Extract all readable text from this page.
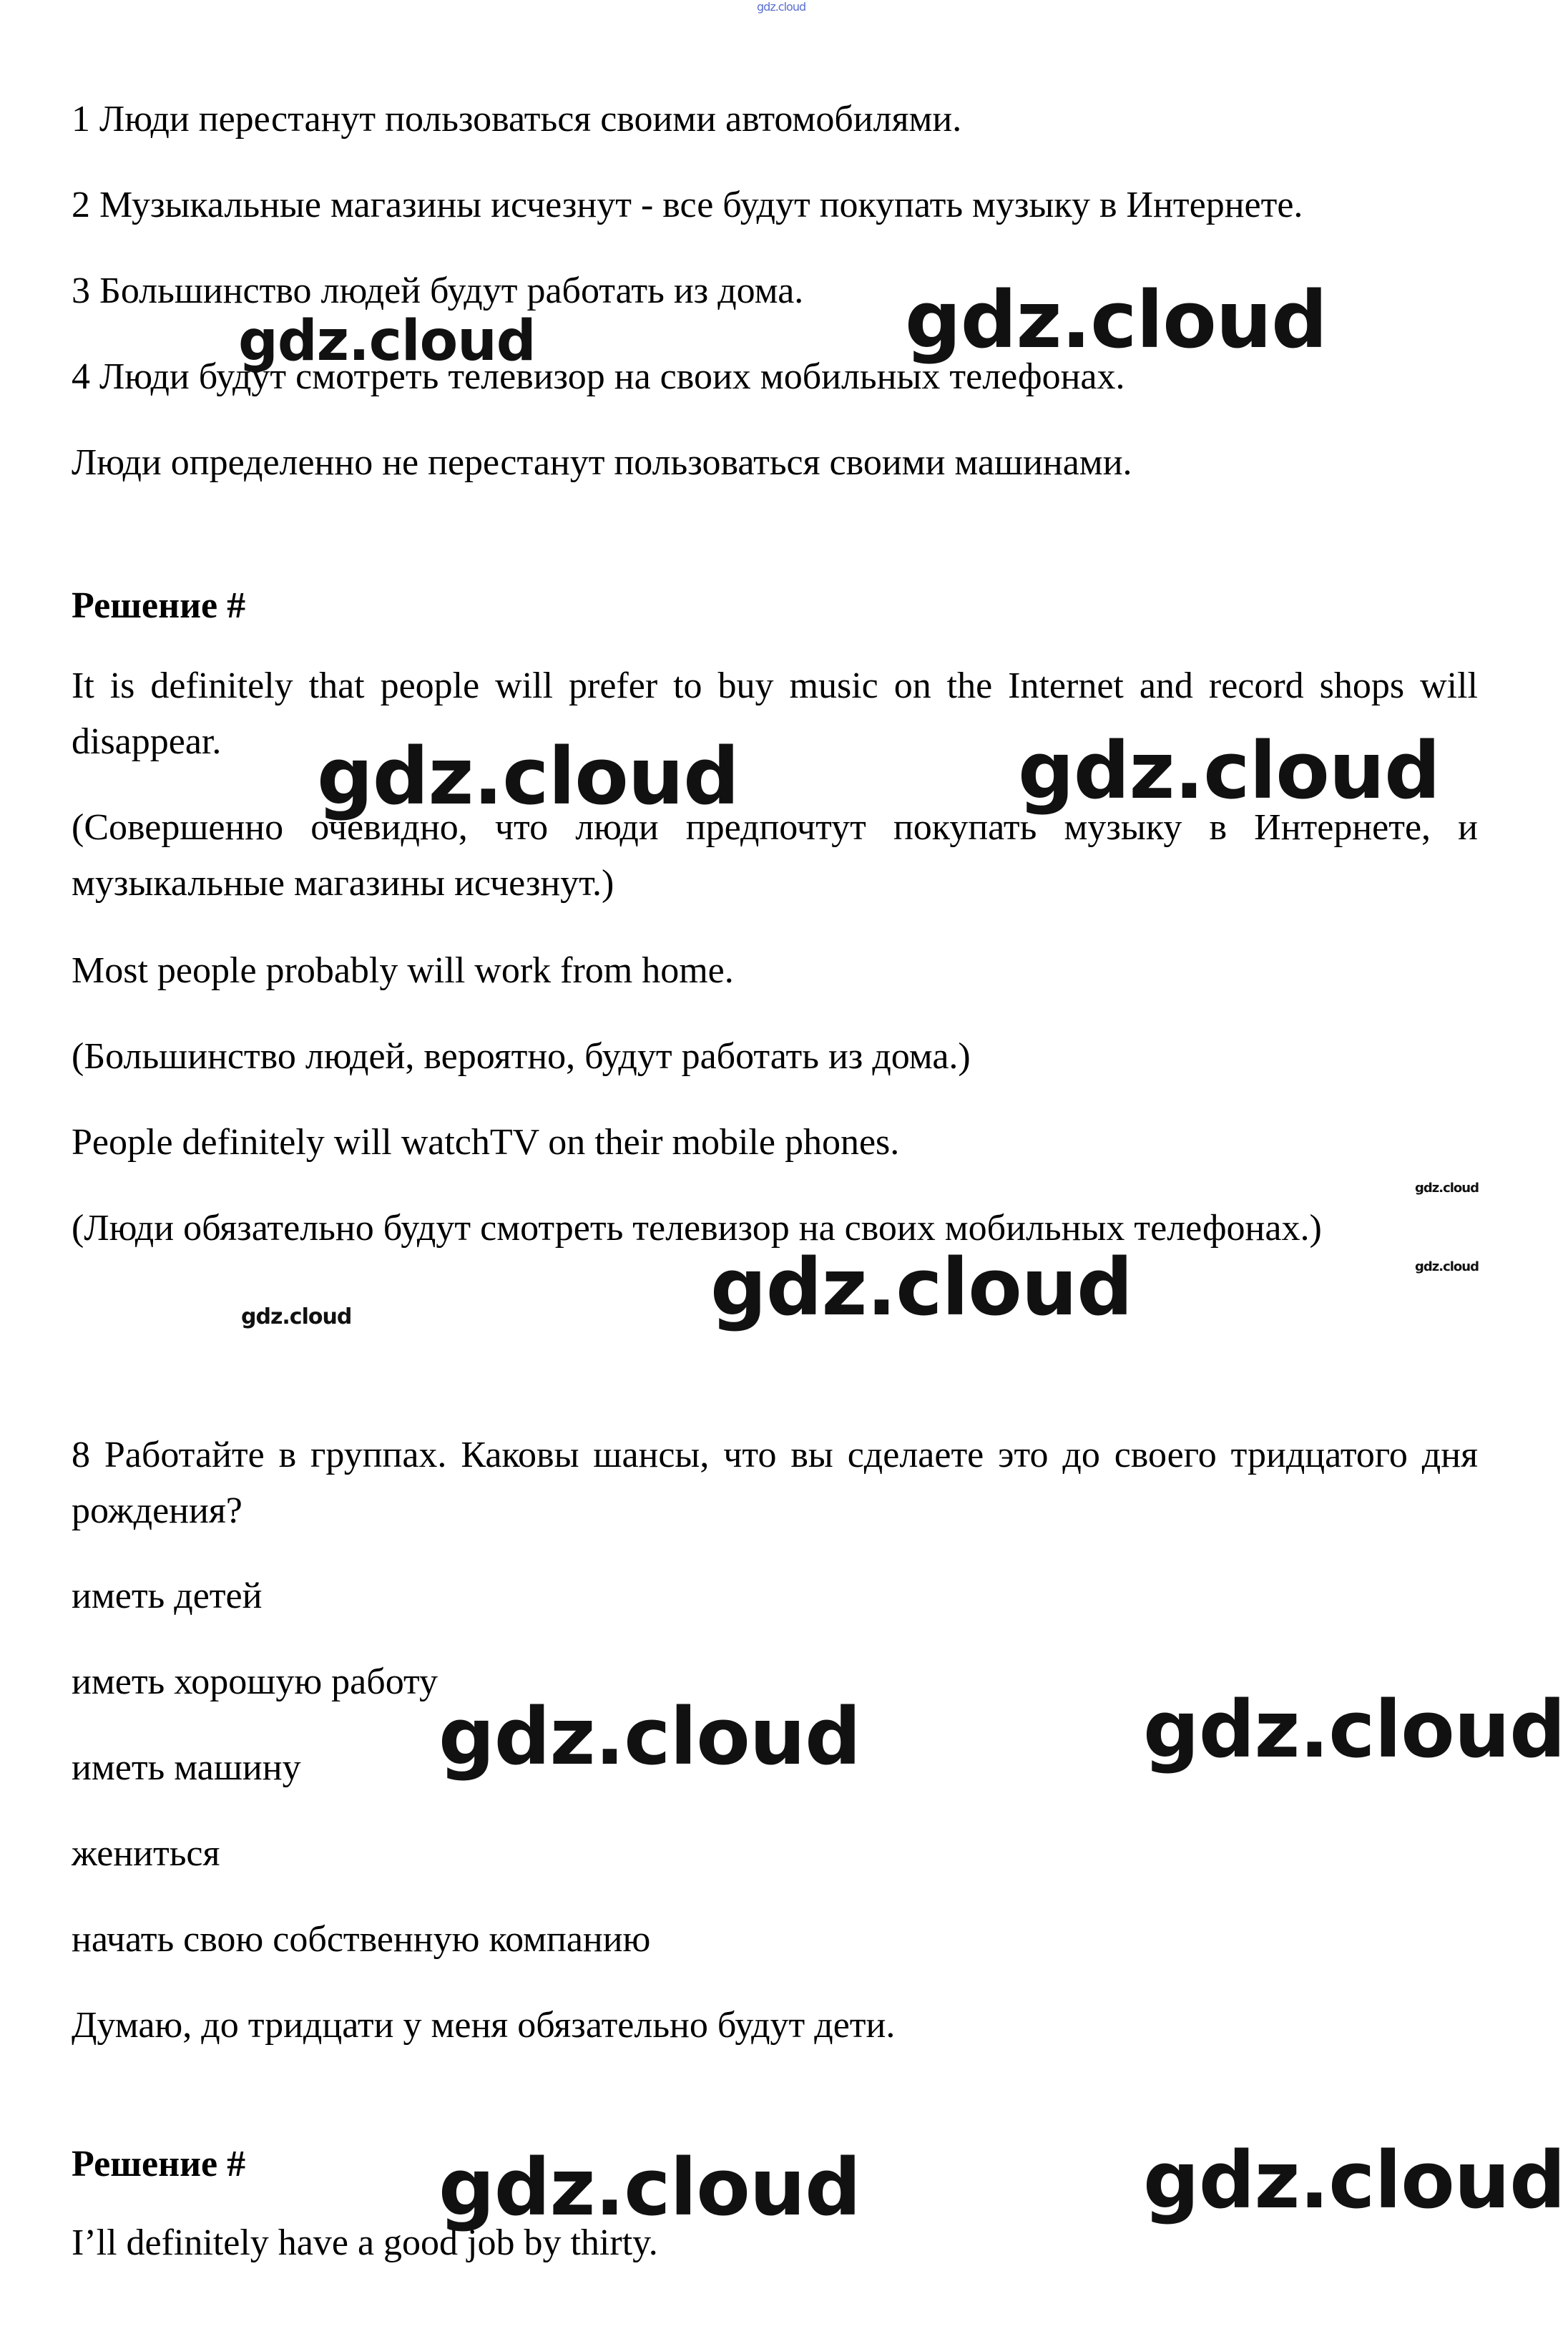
gdz.cloud
1 Люди перестанут пользоваться своими автомобилями.
2 Музыкальные магазины исчезнут - все будут покупать музыку в Интернете.
3 Большинство людей будут работать из дома.
4 Люди будут смотреть телевизор на своих мобильных телефонах.
Люди определенно не перестанут пользоваться своими машинами.
Решение #
It is definitely that people will prefer to buy music on the Internet and record shops will disappear.
(Совершенно очевидно, что люди предпочтут покупать музыку в Интернете, и музыкальные магазины исчезнут.)
Most people probably will work from home.
(Большинство людей, вероятно, будут работать из дома.)
People definitely will watchTV on their mobile phones.
(Люди обязательно будут смотреть телевизор на своих мобильных телефонах.)
8 Работайте в группах. Каковы шансы, что вы сделаете это до своего тридцатого дня рождения?
иметь детей
иметь хорошую работу
иметь машину
жениться
начать свою собственную компанию
Думаю, до тридцати у меня обязательно будут дети.
Решение #
I’ll definitely have a good job by thirty.
gdz.cloud
gdz.cloud
gdz.cloud	gdz.cloud
gdz.cloud
gdz.cloud
gdz.cloud
gdz.cloud
gdz.cloud	gdz.cloud
gdz.cloud	gdz.cloud
